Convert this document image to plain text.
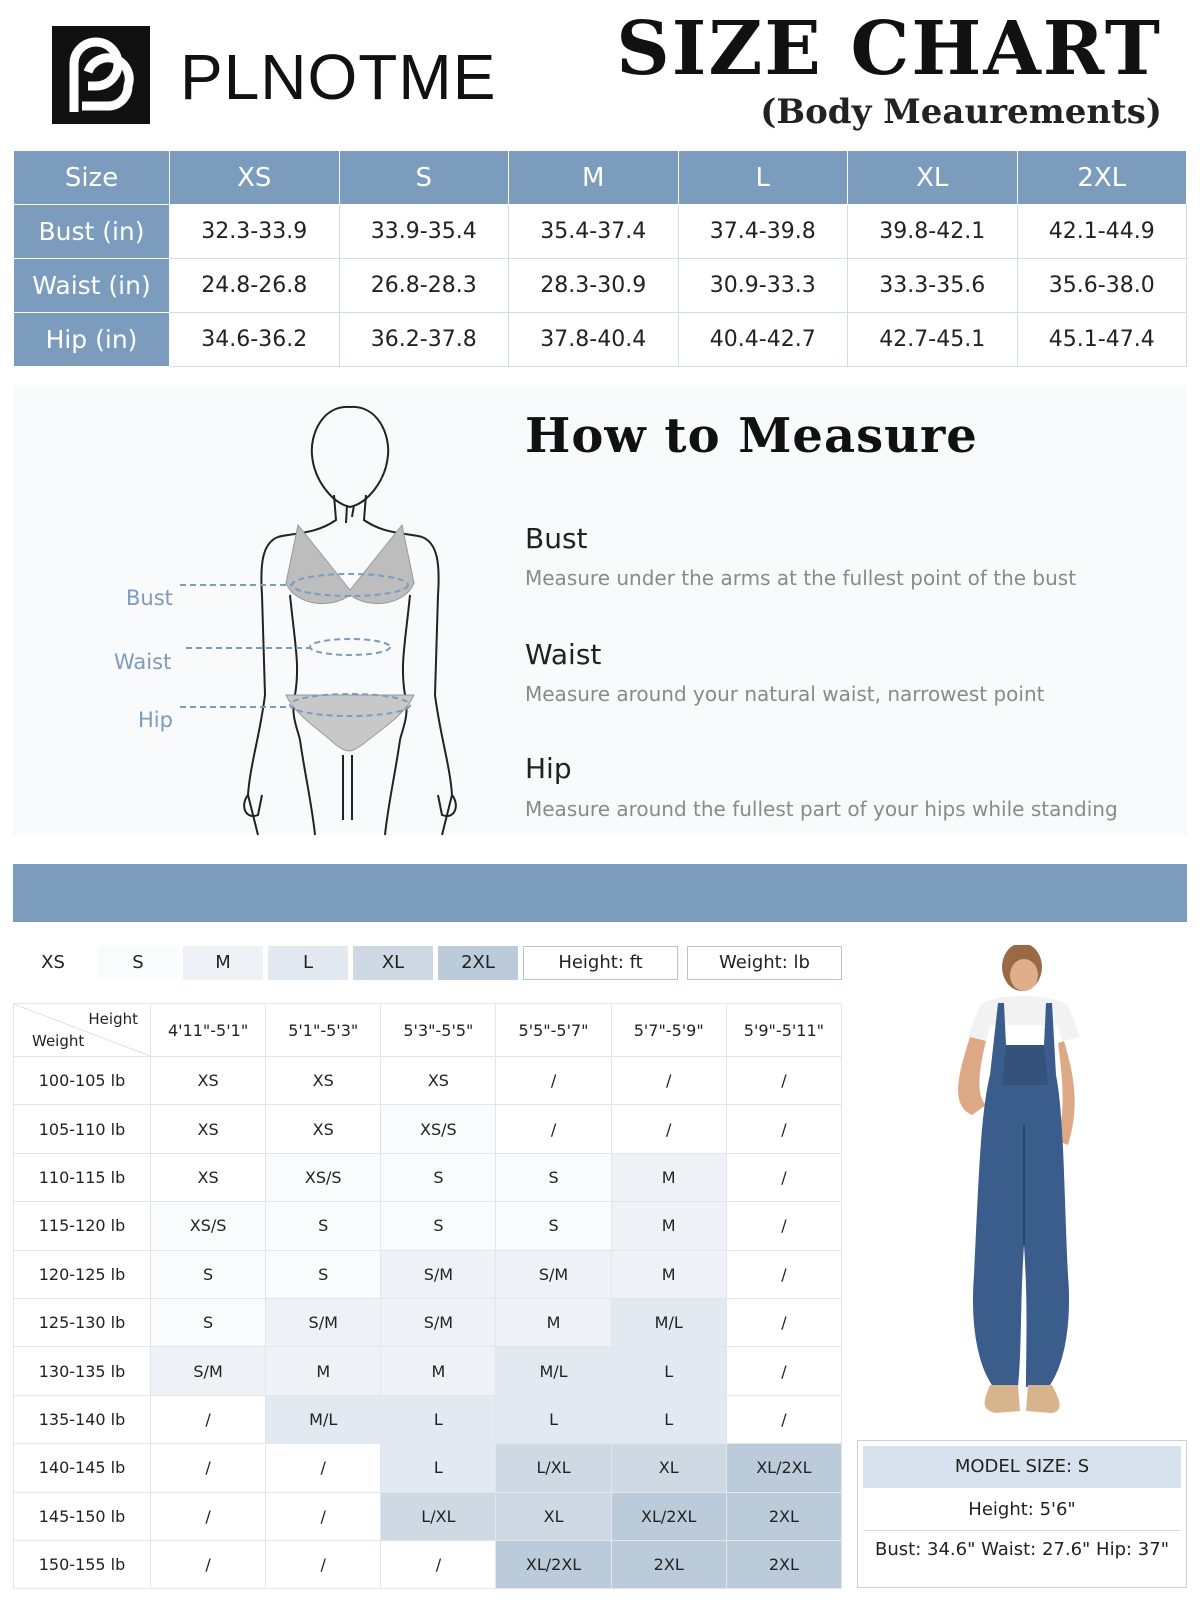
PLNOTME SIZE CHART
(Body Meaurements)
Size	XS	S	M	L	XL	2XL
Bust (in)	32.3-33.9	33.9-35.4	35.4-37.4	37.4-39.8	39.8-42.1	42.1-44.9
Waist (in)	24.8-26.8	26.8-28.3	28.3-30.9	30.9-33.3	33.3-35.6	35.6-38.0
Hip (in)	34.6-36.2	36.2-37.8	37.8-40.4	40.4-42.7	42.7-45.1	45.1-47.4
Bust
Waist
Hip
How to Measure
Bust
Measure under the arms at the fullest point of the bust
Waist
Measure around your natural waist, narrowest point
Hip
Measure around the fullest part of your hips while standing
XS	S	M	L	XL	2XL	Height: ft	Weight: lb
Height
Weight	4'11"-5'1"	5'1"-5'3"	5'3"-5'5"	5'5"-5'7"	5'7"-5'9"	5'9"-5'11"
100-105 lb	XS	XS	XS	/	/	/
105-110 lb	XS	XS	XS/S	/	/	/
110-115 lb	XS	XS/S	S	S	M	/
115-120 lb	XS/S	S	S	S	M	/
120-125 lb	S	S	S/M	S/M	M	/
125-130 lb	S	S/M	S/M	M	M/L	/
130-135 lb	S/M	M	M	M/L	L	/
135-140 lb	/	M/L	L	L	L	/
140-145 lb	/	/	L	L/XL	XL	XL/2XL
145-150 lb	/	/	L/XL	XL	XL/2XL	2XL
150-155 lb	/	/	/	XL/2XL	2XL	2XL
MODEL SIZE: S
Height: 5'6"
Bust: 34.6" Waist: 27.6" Hip: 37"
